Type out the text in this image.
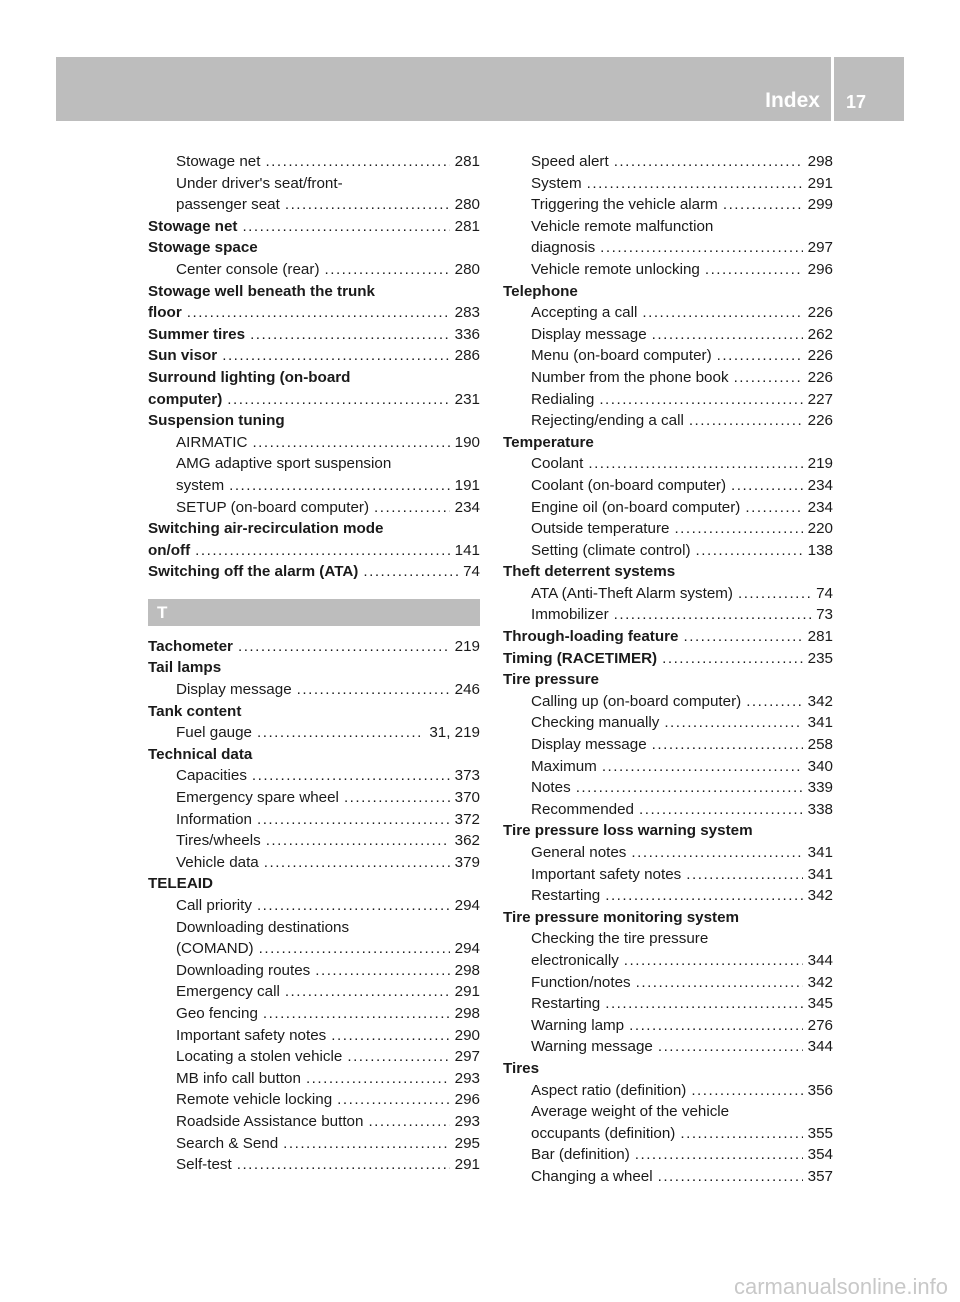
Index 17
Stowage net .....	281
Under driver's seat/front-
passenger seat .....	280
Stowage net .....	281
Stowage space
Center console (rear) .....	280
Stowage well beneath the trunk
floor .....	283
Summer tires .....	336
Sun visor .....	286
Surround lighting (on-board
computer) .....	231
Suspension tuning
AIRMATIC .....	190
AMG adaptive sport suspension
system .....	191
SETUP (on-board computer) .....	234
Switching air-recirculation mode
on/off .....	141
Switching off the alarm (ATA) .....	74
T
Tachometer .....	219
Tail lamps
Display message .....	246
Tank content
Fuel gauge .....	31, 219
Technical data
Capacities .....	373
Emergency spare wheel .....	370
Information .....	372
Tires/wheels .....	362
Vehicle data .....	379
TELEAID
Call priority .....	294
Downloading destinations
(COMAND) .....	294
Downloading routes .....	298
Emergency call .....	291
Geo fencing .....	298
Important safety notes .....	290
Locating a stolen vehicle .....	297
MB info call button .....	293
Remote vehicle locking .....	296
Roadside Assistance button .....	293
Search & Send .....	295
Self-test .....	291
Speed alert .....	298
System .....	291
Triggering the vehicle alarm .....	299
Vehicle remote malfunction
diagnosis .....	297
Vehicle remote unlocking .....	296
Telephone
Accepting a call .....	226
Display message .....	262
Menu (on-board computer) .....	226
Number from the phone book .....	226
Redialing .....	227
Rejecting/ending a call .....	226
Temperature
Coolant .....	219
Coolant (on-board computer) .....	234
Engine oil (on-board computer) .....	234
Outside temperature .....	220
Setting (climate control) .....	138
Theft deterrent systems
ATA (Anti-Theft Alarm system) .....	74
Immobilizer .....	73
Through-loading feature .....	281
Timing (RACETIMER) .....	235
Tire pressure
Calling up (on-board computer) .....	342
Checking manually .....	341
Display message .....	258
Maximum .....	340
Notes .....	339
Recommended .....	338
Tire pressure loss warning system
General notes .....	341
Important safety notes .....	341
Restarting .....	342
Tire pressure monitoring system
Checking the tire pressure
electronically .....	344
Function/notes .....	342
Restarting .....	345
Warning lamp .....	276
Warning message .....	344
Tires
Aspect ratio (definition) .....	356
Average weight of the vehicle
occupants (definition) .....	355
Bar (definition) .....	354
Changing a wheel .....	357
carmanualsonline.info
